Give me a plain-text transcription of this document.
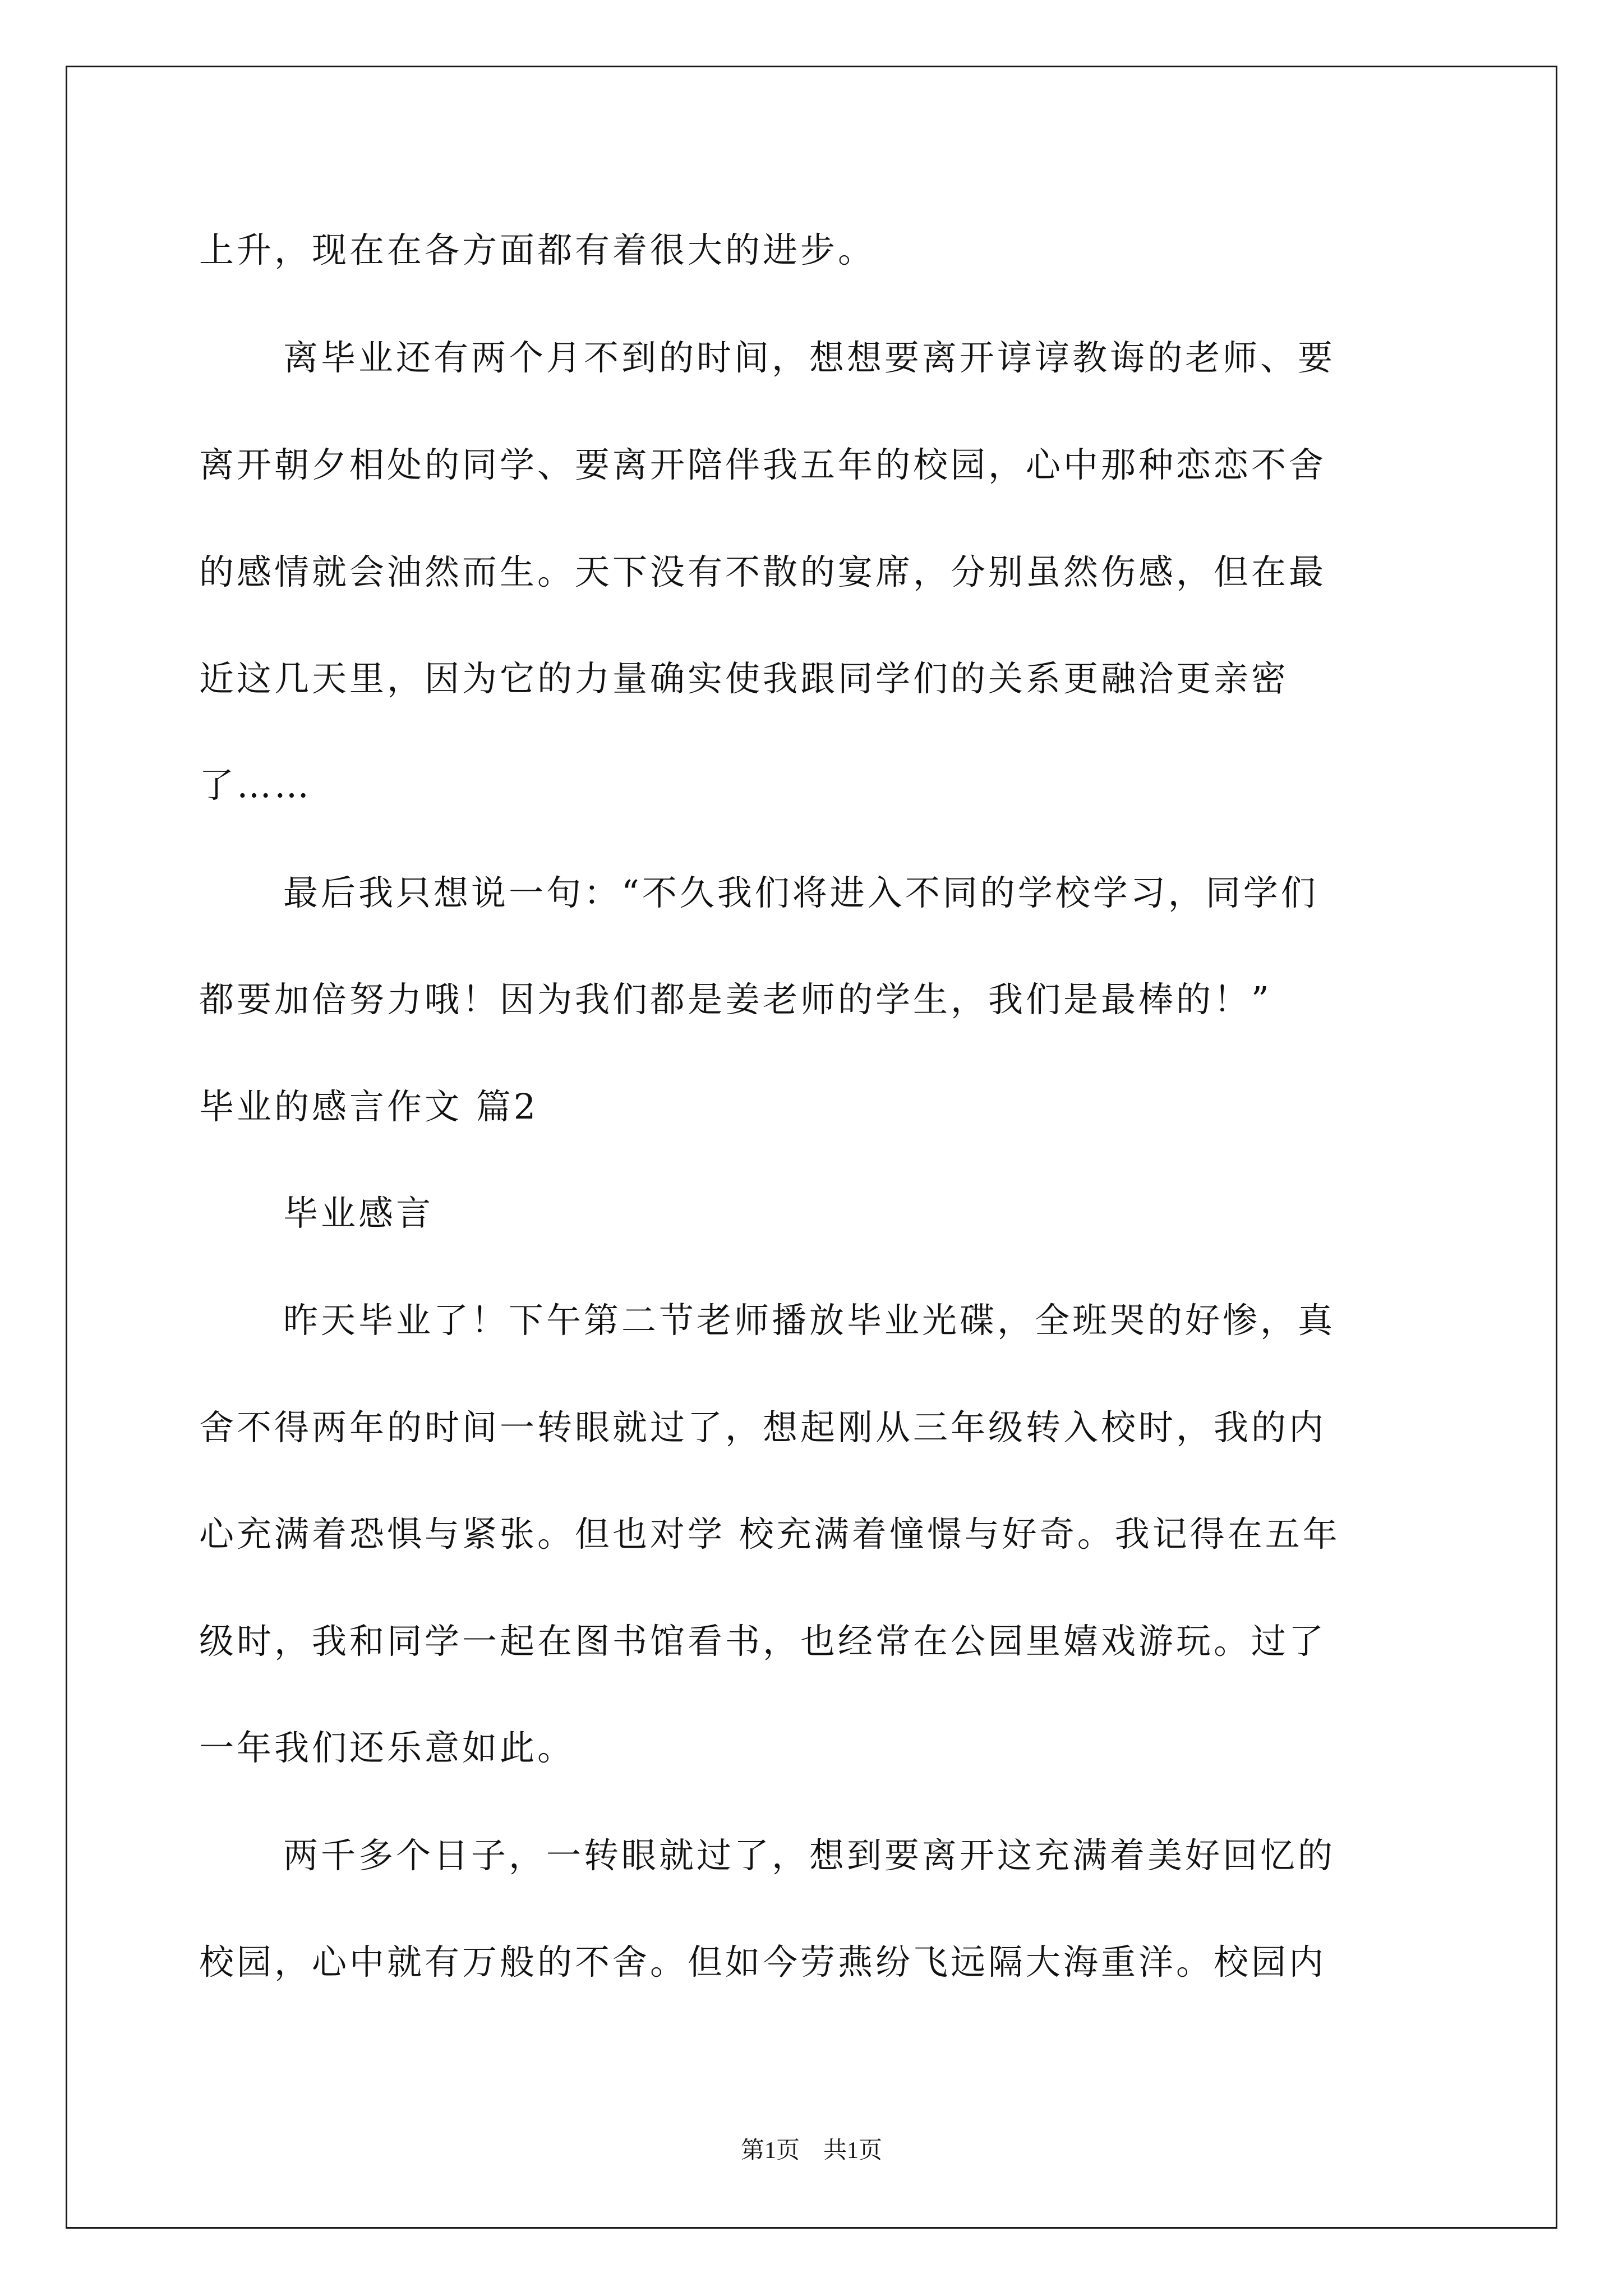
上升，现在在各方面都有着很大的进步。
离毕业还有两个月不到的时间，想想要离开谆谆教诲的老师、要
离开朝夕相处的同学、要离开陪伴我五年的校园，心中那种恋恋不舍
的感情就会油然而生。天下没有不散的宴席，分别虽然伤感，但在最
近这几天里，因为它的力量确实使我跟同学们的关系更融洽更亲密
了……
最后我只想说一句：“不久我们将进入不同的学校学习，同学们
都要加倍努力哦！因为我们都是姜老师的学生，我们是最棒的！”
毕业的感言作文 篇2
毕业感言
昨天毕业了！下午第二节老师播放毕业光碟，全班哭的好惨，真
舍不得两年的时间一转眼就过了，想起刚从三年级转入校时，我的内
心充满着恐惧与紧张。但也对学 校充满着憧憬与好奇。我记得在五年
级时，我和同学一起在图书馆看书，也经常在公园里嬉戏游玩。过了
一年我们还乐意如此。
两千多个日子，一转眼就过了，想到要离开这充满着美好回忆的
校园，心中就有万般的不舍。但如今劳燕纷飞远隔大海重洋。校园内
第1页　共1页
